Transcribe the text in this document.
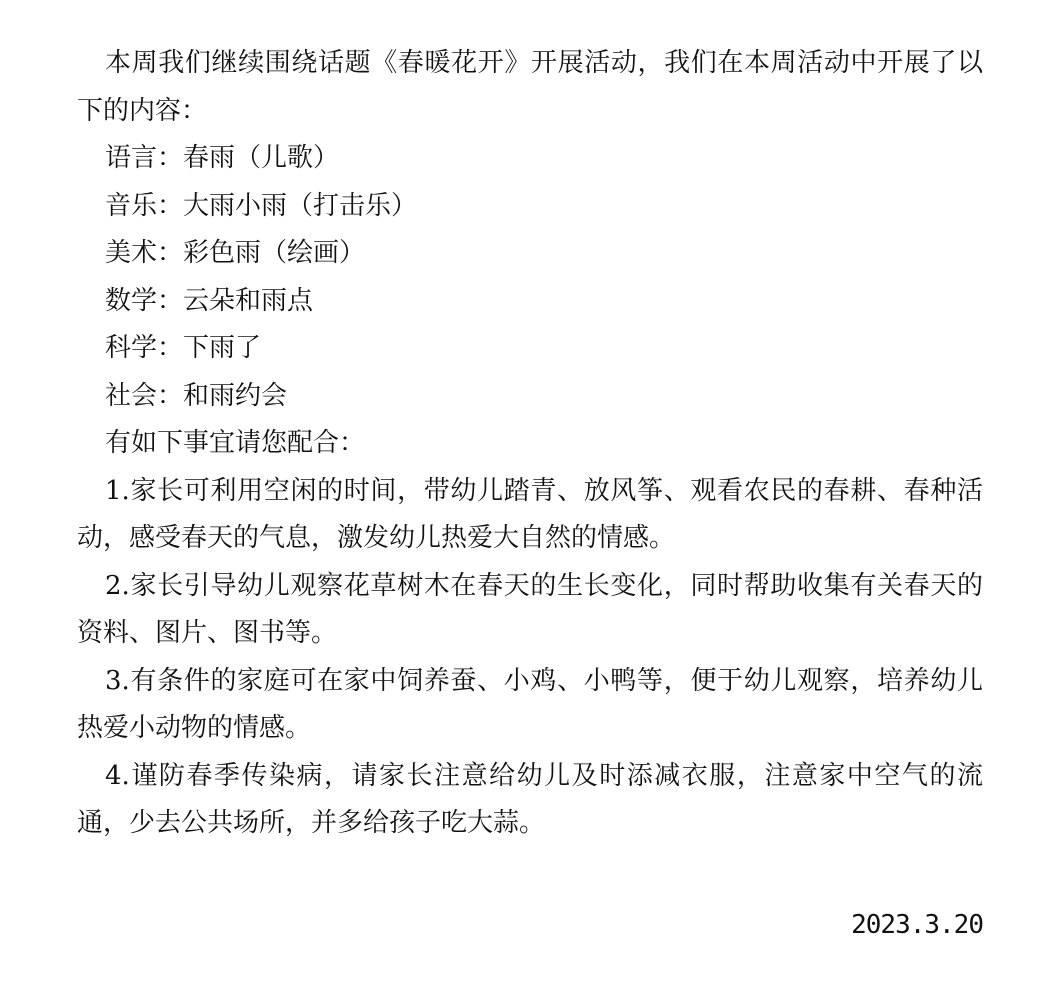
本周我们继续围绕话题《春暖花开》开展活动，我们在本周活动中开展了以下的内容：

语言：春雨（儿歌）

音乐：大雨小雨（打击乐）

美术：彩色雨（绘画）

数学：云朵和雨点

科学：下雨了

社会：和雨约会

有如下事宜请您配合：

1.家长可利用空闲的时间，带幼儿踏青、放风筝、观看农民的春耕、春种活动，感受春天的气息，激发幼儿热爱大自然的情感。

2.家长引导幼儿观察花草树木在春天的生长变化，同时帮助收集有关春天的资料、图片、图书等。

3.有条件的家庭可在家中饲养蚕、小鸡、小鸭等，便于幼儿观察，培养幼儿热爱小动物的情感。

4.谨防春季传染病，请家长注意给幼儿及时添减衣服，注意家中空气的流通，少去公共场所，并多给孩子吃大蒜。

2023.3.20
